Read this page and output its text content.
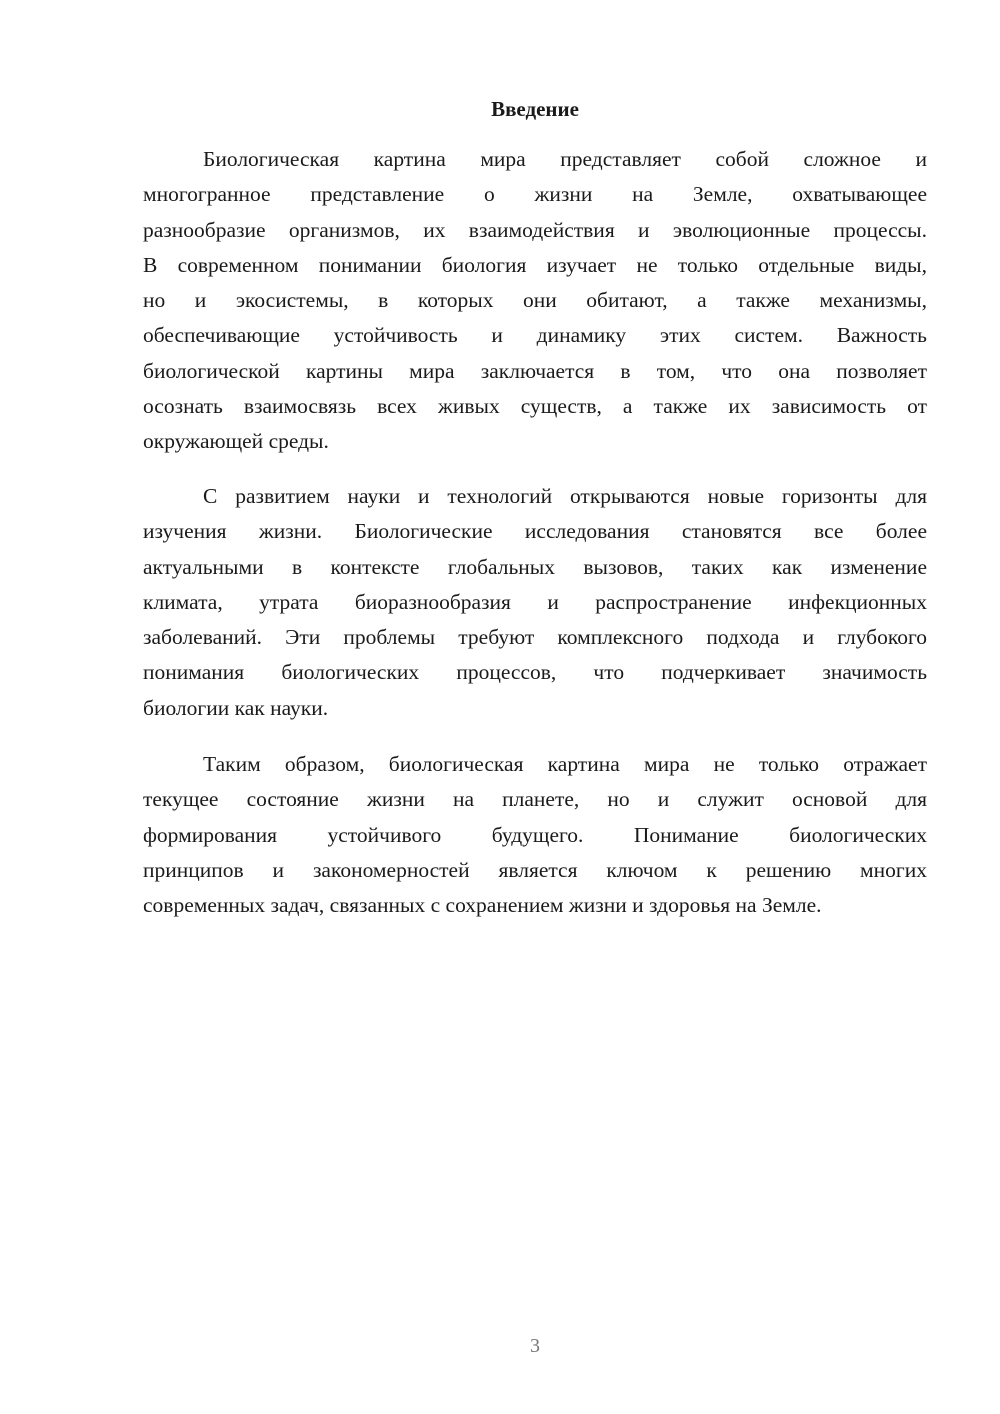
Введение
Биологическая картина мира представляет собой сложное и
многогранное представление о жизни на Земле, охватывающее
разнообразие организмов, их взаимодействия и эволюционные процессы.
В современном понимании биология изучает не только отдельные виды,
но и экосистемы, в которых они обитают, а также механизмы,
обеспечивающие устойчивость и динамику этих систем. Важность
биологической картины мира заключается в том, что она позволяет
осознать взаимосвязь всех живых существ, а также их зависимость от
окружающей среды.
С развитием науки и технологий открываются новые горизонты для
изучения жизни. Биологические исследования становятся все более
актуальными в контексте глобальных вызовов, таких как изменение
климата, утрата биоразнообразия и распространение инфекционных
заболеваний. Эти проблемы требуют комплексного подхода и глубокого
понимания биологических процессов, что подчеркивает значимость
биологии как науки.
Таким образом, биологическая картина мира не только отражает
текущее состояние жизни на планете, но и служит основой для
формирования устойчивого будущего. Понимание биологических
принципов и закономерностей является ключом к решению многих
современных задач, связанных с сохранением жизни и здоровья на Земле.
3
